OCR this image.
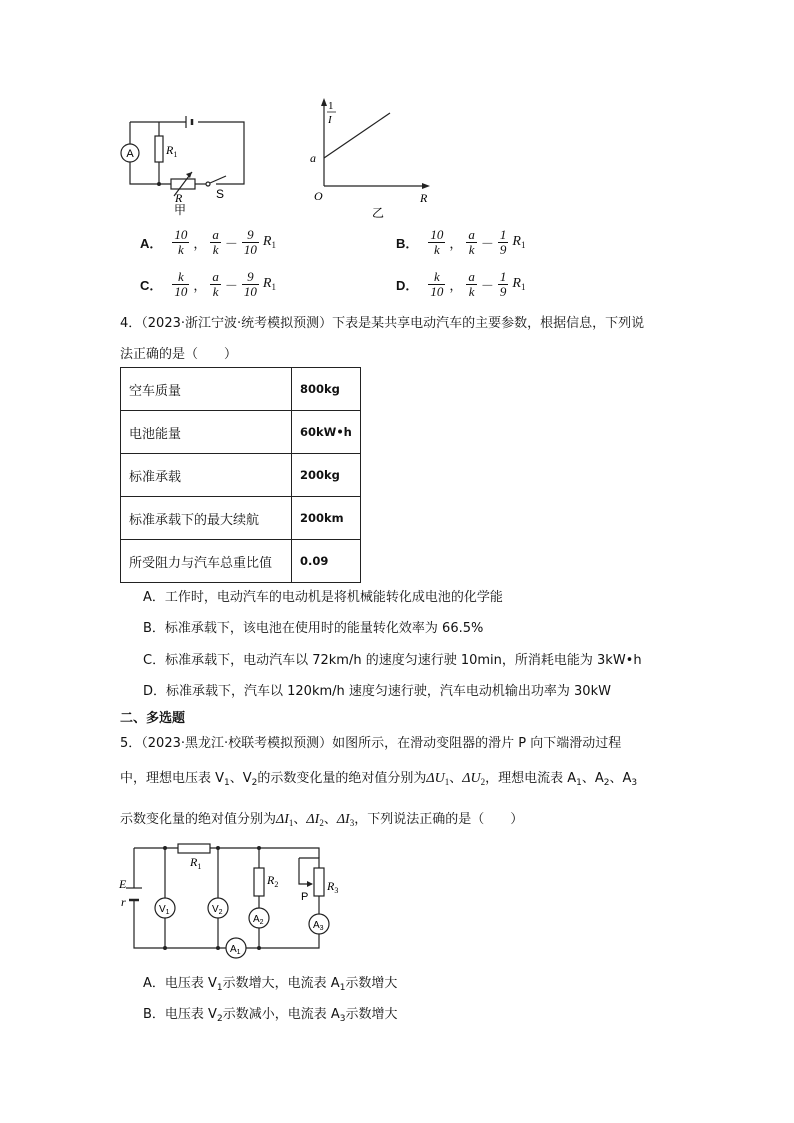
A	$R_1$
R	S
甲
1
I
a
O	R
乙
A． $\frac{10}{k}$ ， $\frac{a}{k} - \frac{9}{10} R_1$	B． $\frac{10}{k}$ ， $\frac{a}{k} - \frac{1}{9} R_1$
C． $\frac{k}{10}$ ， $\frac{a}{k} - \frac{9}{10} R_1$	D． $\frac{k}{10}$ ， $\frac{a}{k} - \frac{1}{9} R_1$
4．（2023·浙江宁波·统考模拟预测）下表是某共享电动汽车的主要参数，根据信息，下列说
法正确的是（　　）
空车质量	800kg
电池能量	60kW•h
标准承载	200kg
标准承载下的最大续航	200km
所受阻力与汽车总重比值	0.09
A．工作时，电动汽车的电动机是将机械能转化成电池的化学能
B．标准承载下，该电池在使用时的能量转化效率为 66.5%
C．标准承载下，电动汽车以 72km/h 的速度匀速行驶 10min，所消耗电能为 3kW•h
D．标准承载下，汽车以 120km/h 速度匀速行驶，汽车电动机输出功率为 30kW
二、多选题
5．（2023·黑龙江·校联考模拟预测）如图所示，在滑动变阻器的滑片 P 向下端滑动过程
中，理想电压表 $V_1$、$V_2$的示数变化量的绝对值分别为$\Delta U_1$、$\Delta U_2$，理想电流表 $A_1$、$A_2$、$A_3$
示数变化量的绝对值分别为$\Delta I_1$、$\Delta I_2$、$\Delta I_3$，下列说法正确的是（　　）
E
r
$R_1$
$R_2$	$R_3$
P
$V_1$	$V_2$
$A_2$	$A_3$
$A_1$
A．电压表 $V_1$示数增大，电流表 $A_1$示数增大
B．电压表 $V_2$示数减小，电流表 $A_3$示数增大
